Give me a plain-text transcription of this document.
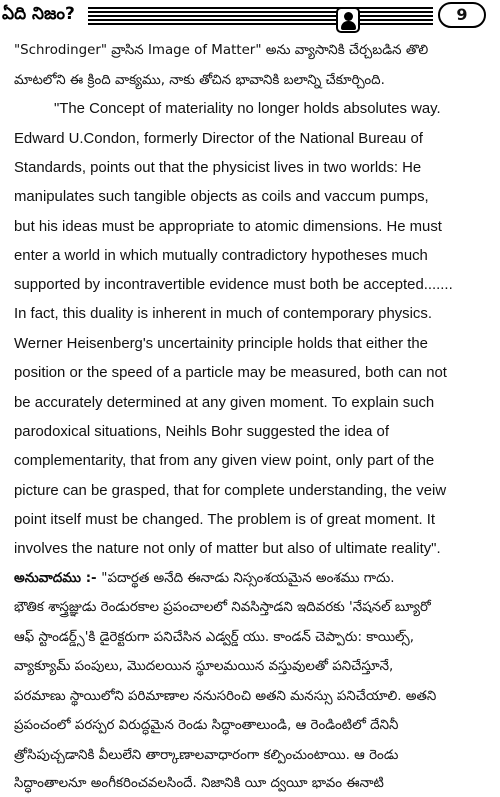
ఏది నిజం?	9
"Schrodinger" వ్రాసిన Image of Matter" అను వ్యాసానికి చేర్చబడిన తొలి
మాటలోని ఈ క్రింది వాక్యము, నాకు తోచిన భావానికి బలాన్ని చేకూర్చింది.
"The Concept of materiality no longer holds absolutes way.
Edward U.Condon, formerly Director of the National Bureau of
Standards, points out that the physicist lives in two worlds: He
manipulates such tangible objects as coils and vaccum pumps,
but his ideas must be appropriate to atomic dimensions. He must
enter a world in which mutually contradictory hypotheses much
supported by incontravertible evidence must both be accepted.......
In fact, this duality is inherent in much of contemporary physics.
Werner Heisenberg's uncertainity principle holds that either the
position or the speed of a particle may be measured, both can not
be accurately determined at any given moment. To explain such
parodoxical situations, Neihls Bohr suggested the idea of
complementarity, that from any given view point, only part of the
picture can be grasped, that for complete understanding, the veiw
point itself must be changed. The problem is of great moment. It
involves the nature not only of matter but also of ultimate reality".
అనువాదము :- "పదార్థత అనేది ఈనాడు నిస్సంశయమైన అంశము గాదు.
భౌతిక శాస్త్రజ్ఞుడు రెండురకాల ప్రపంచాలలో నివసిస్తాడని ఇదివరకు 'నేషనల్ బ్యూరో
ఆఫ్ స్టాండర్డ్స్'కి డైరెక్టరుగా పనిచేసిన ఎడ్వర్డ్ యు. కాండన్ చెప్పారు: కాయిల్స్,
వ్యాక్యూమ్ పంపులు, మొదలయిన స్థూలమయిన వస్తువులతో పనిచేస్తూనే,
పరమాణు స్థాయిలోని పరిమాణాల ననుసరించి అతని మనస్సు పనిచేయాలి. అతని
ప్రపంచంలో పరస్పర విరుద్ధమైన రెండు సిద్ధాంతాలుండి, ఆ రెండింటిలో దేనినీ
త్రోసిపుచ్చడానికి వీలులేని తార్కాణాలవాధారంగా కల్పించుంటాయి. ఆ రెండు
సిద్ధాంతాలనూ అంగీకరించవలసిందే. నిజానికి యీ ద్వయీ భావం ఈనాటి
